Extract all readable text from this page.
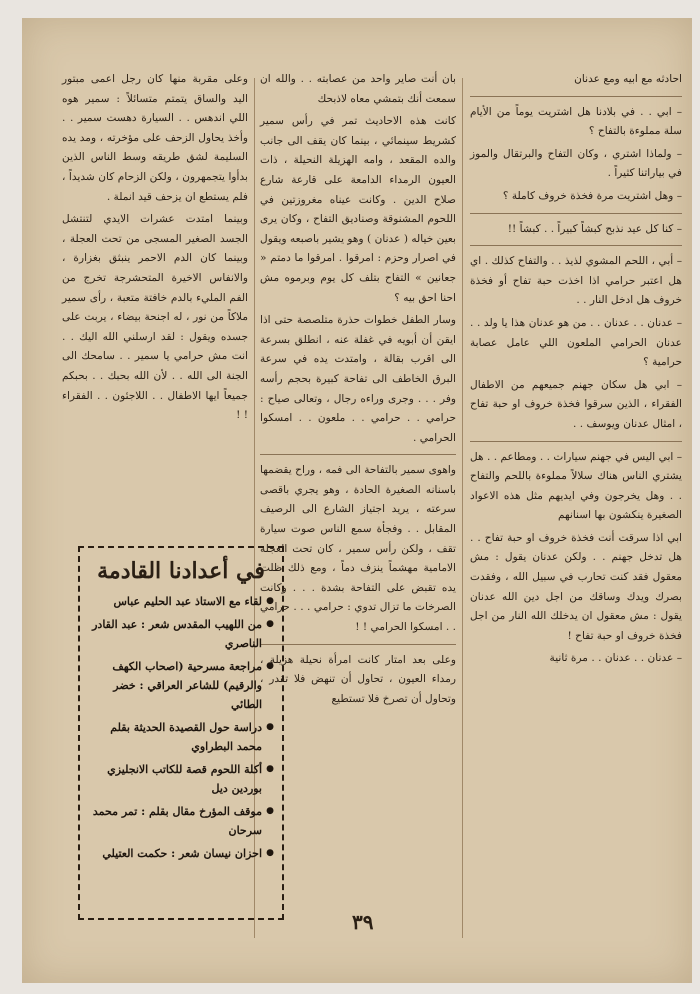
احادثه مع ابيه ومع عدنان

– ابي . . في بلادنا هل اشتريت يوماً من الأيام سلة مملوءة بالتفاح ؟

– ولماذا اشتري ، وكان التفاح والبرتقال والموز في بياراتنا كثيراً .

– وهل اشتريت مرة فخذة خروف كاملة ؟

– كنا كل عيد نذبح كبشاً كبيراً . . كبشاً !!

– أبي ، اللحم المشوي لذيذ . . والتفاح كذلك . اي هل اعتبر حرامي اذا اخذت حبة تفاح أو فخذة خروف هل ادخل النار . .

– عدنان . . عدنان . . من هو عدنان هذا يا ولد . . عدنان الحرامي الملعون اللي عامل عصابة حرامية ؟

– ابي هل سكان جهنم جميعهم من الاطفال الفقراء ، الذين سرقوا فخذة خروف او حبة تفاح ، امثال عدنان ويوسف . .

– ابي اليس في جهنم سيارات . . ومطاعم . . هل يشتري الناس هناك سلالاً مملوءة باللحم والتفاح . . وهل يخرجون وفي ايديهم مثل هذه الاعواد الصغيرة ينكشون بها اسنانهم

ابي اذا سرقت أنت فخذة خروف او حبة تفاح . . هل تدخل جهنم . . ولكن عدنان يقول : مش معقول فقد كنت تحارب في سبيل الله ، وفقدت بصرك ويدك وساقك من اجل دين الله عدنان يقول : مش معقول ان يدخلك الله النار من اجل فخذة خروف او حبة تفاح !

– عدنان . . عدنان . . مرة ثانية

بان أنت صاير واحد من عصابته . . والله ان سمعت أنك بتمشي معاه لاذبحك

كانت هذه الاحاديث تمر في رأس سمير كشريط سينمائي ، بينما كان يقف الى جانب والده المقعد ، وامه الهزيلة النحيلة ، ذات العيون الرمداء الدامعة على قارعة شارع صلاح الدين . وكانت عيناه مغروزتين في اللحوم المشنوقة وصناديق التفاح ، وكان يرى بعين خياله ( عدنان ) وهو يشير باصبعه ويقول في اصرار وحزم : امرقوا . امرقوا ما دمتم « جعانين » التفاح بتلف كل يوم وبرموه مش احنا احق بيه ؟

وسار الطفل خطوات حذرة متلصصة حتى اذا ايقن أن أبويه في غفلة عنه ، انطلق بسرعة الى اقرب بقالة ، وامتدت يده في سرعة البرق الخاطف الى تفاحة كبيرة بحجم رأسه وفر . . . وجرى وراءه رجال ، وتعالى صياح : حرامي . . حرامي . . ملعون . . امسكوا الحرامي .

واهوى سمير بالتفاحة الى فمه ، وراح يقضمها باسنانه الصغيرة الحادة ، وهو يجري باقصى سرعته ، يريد اجتياز الشارع الى الرصيف المقابل . . وفجأة سمع الناس صوت سيارة تقف ، ولكن رأس سمير ، كان تحت العجلة الامامية مهشماً ينزف دماً ، ومع ذلك ظلت يده تقبض على التفاحة بشدة . . . وكانت الصرخات ما تزال تدوي : حرامي . . . حرامي . . امسكوا الحرامي ! !

وعلى بعد امتار كانت امرأة نحيلة هزيلة ، رمداء العيون ، تحاول أن تنهض فلا تقدر ، وتحاول أن تصرخ فلا تستطيع

وعلى مقربة منها كان رجل اعمى مبتور اليد والساق يتمتم متسائلاً : سمير هوه اللي اندهس . . السيارة دهست سمير . . وأخذ يحاول الزحف على مؤخرته ، ومد يده السليمة لشق طريقه وسط الناس الذين بدأوا يتجمهرون ، ولكن الزحام كان شديداً ، فلم يستطع ان يزحف قيد انملة .

وبينما امتدت عشرات الايدي لتنتشل الجسد الصغير المسجى من تحت العجلة ، وبينما كان الدم الاحمر ينبثق بغزارة ، والانفاس الاخيرة المتحشرجة تخرج من الفم المليء بالدم خافتة متعبة ، رأى سمير ملاكاً من نور ، له اجنحة بيضاء ، يربت على جسده ويقول : لقد ارسلني الله اليك . . انت مش حرامي يا سمير . . سامحك الى الجنة الى الله . . لأن الله بحبك . . بحبكم جميعاً ايها الاطفال . . اللاجئون . . الفقراء ! !

في أعدادنا القادمة
● لقاء مع الاستاذ عبد الحليم عباس
● من اللهيب المقدس شعر : عبد القادر الناصري
● مراجعة مسرحية (اصحاب الكهف والرقيم) للشاعر العراقي : خضر الطائي
● دراسة حول القصيدة الحديثة بقلم محمد البطراوي
● أكلة اللحوم قصة للكاتب الانجليزي بوردين ديل
● موقف المؤرخ مقال بقلم : تمر محمد سرحان
● احزان نيسان شعر : حكمت العتيلي
٣٩
